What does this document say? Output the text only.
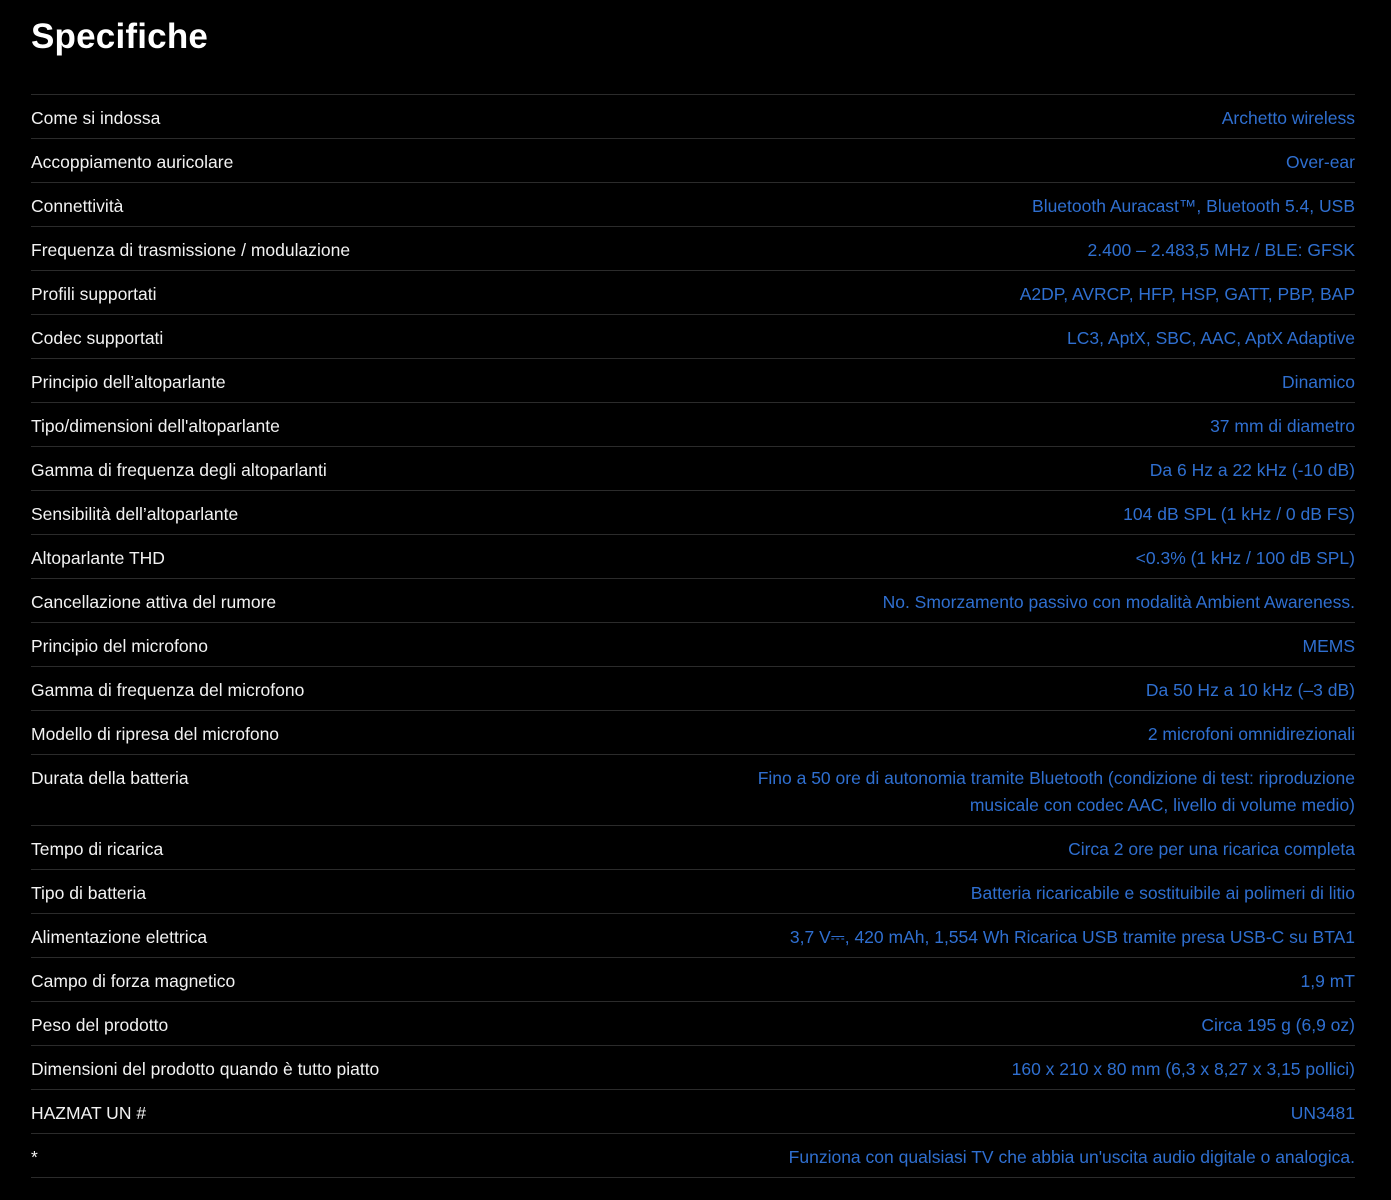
Specifiche
Come si indossa	Archetto wireless
Accoppiamento auricolare	Over-ear
Connettività	Bluetooth Auracast™, Bluetooth 5.4, USB
Frequenza di trasmissione / modulazione	2.400 – 2.483,5 MHz / BLE: GFSK
Profili supportati	A2DP, AVRCP, HFP, HSP, GATT, PBP, BAP
Codec supportati	LC3, AptX, SBC, AAC, AptX Adaptive
Principio dell’altoparlante	Dinamico
Tipo/dimensioni dell'altoparlante	37 mm di diametro
Gamma di frequenza degli altoparlanti	Da 6 Hz a 22 kHz (-10 dB)
Sensibilità dell’altoparlante	104 dB SPL (1 kHz / 0 dB FS)
Altoparlante THD	<0.3% (1 kHz / 100 dB SPL)
Cancellazione attiva del rumore	No. Smorzamento passivo con modalità Ambient Awareness.
Principio del microfono	MEMS
Gamma di frequenza del microfono	Da 50 Hz a 10 kHz (–3 dB)
Modello di ripresa del microfono	2 microfoni omnidirezionali
Durata della batteria	Fino a 50 ore di autonomia tramite Bluetooth (condizione di test: riproduzione musicale con codec AAC, livello di volume medio)
Tempo di ricarica	Circa 2 ore per una ricarica completa
Tipo di batteria	Batteria ricaricabile e sostituibile ai polimeri di litio
Alimentazione elettrica	3,7 V⎓, 420 mAh, 1,554 Wh Ricarica USB tramite presa USB-C su BTA1
Campo di forza magnetico	1,9 mT
Peso del prodotto	Circa 195 g (6,9 oz)
Dimensioni del prodotto quando è tutto piatto	160 x 210 x 80 mm (6,3 x 8,27 x 3,15 pollici)
HAZMAT UN #	UN3481
*	Funziona con qualsiasi TV che abbia un'uscita audio digitale o analogica.
